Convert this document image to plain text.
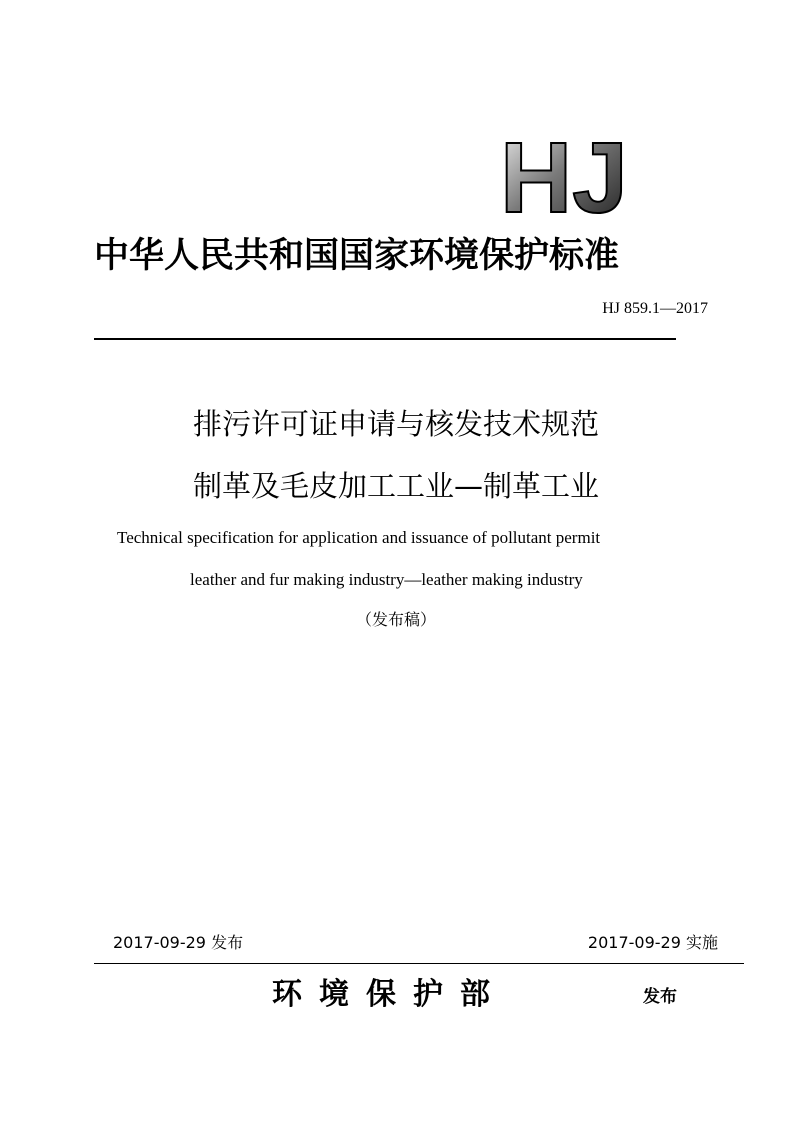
HJ
中华人民共和国国家环境保护标准
HJ 859.1—2017
排污许可证申请与核发技术规范
制革及毛皮加工工业—制革工业
Technical specification for application and issuance of pollutant permit
leather and fur making industry—leather making industry
（发布稿）
2017-09-29 发布	2017-09-29 实施
环境保护部	发布
